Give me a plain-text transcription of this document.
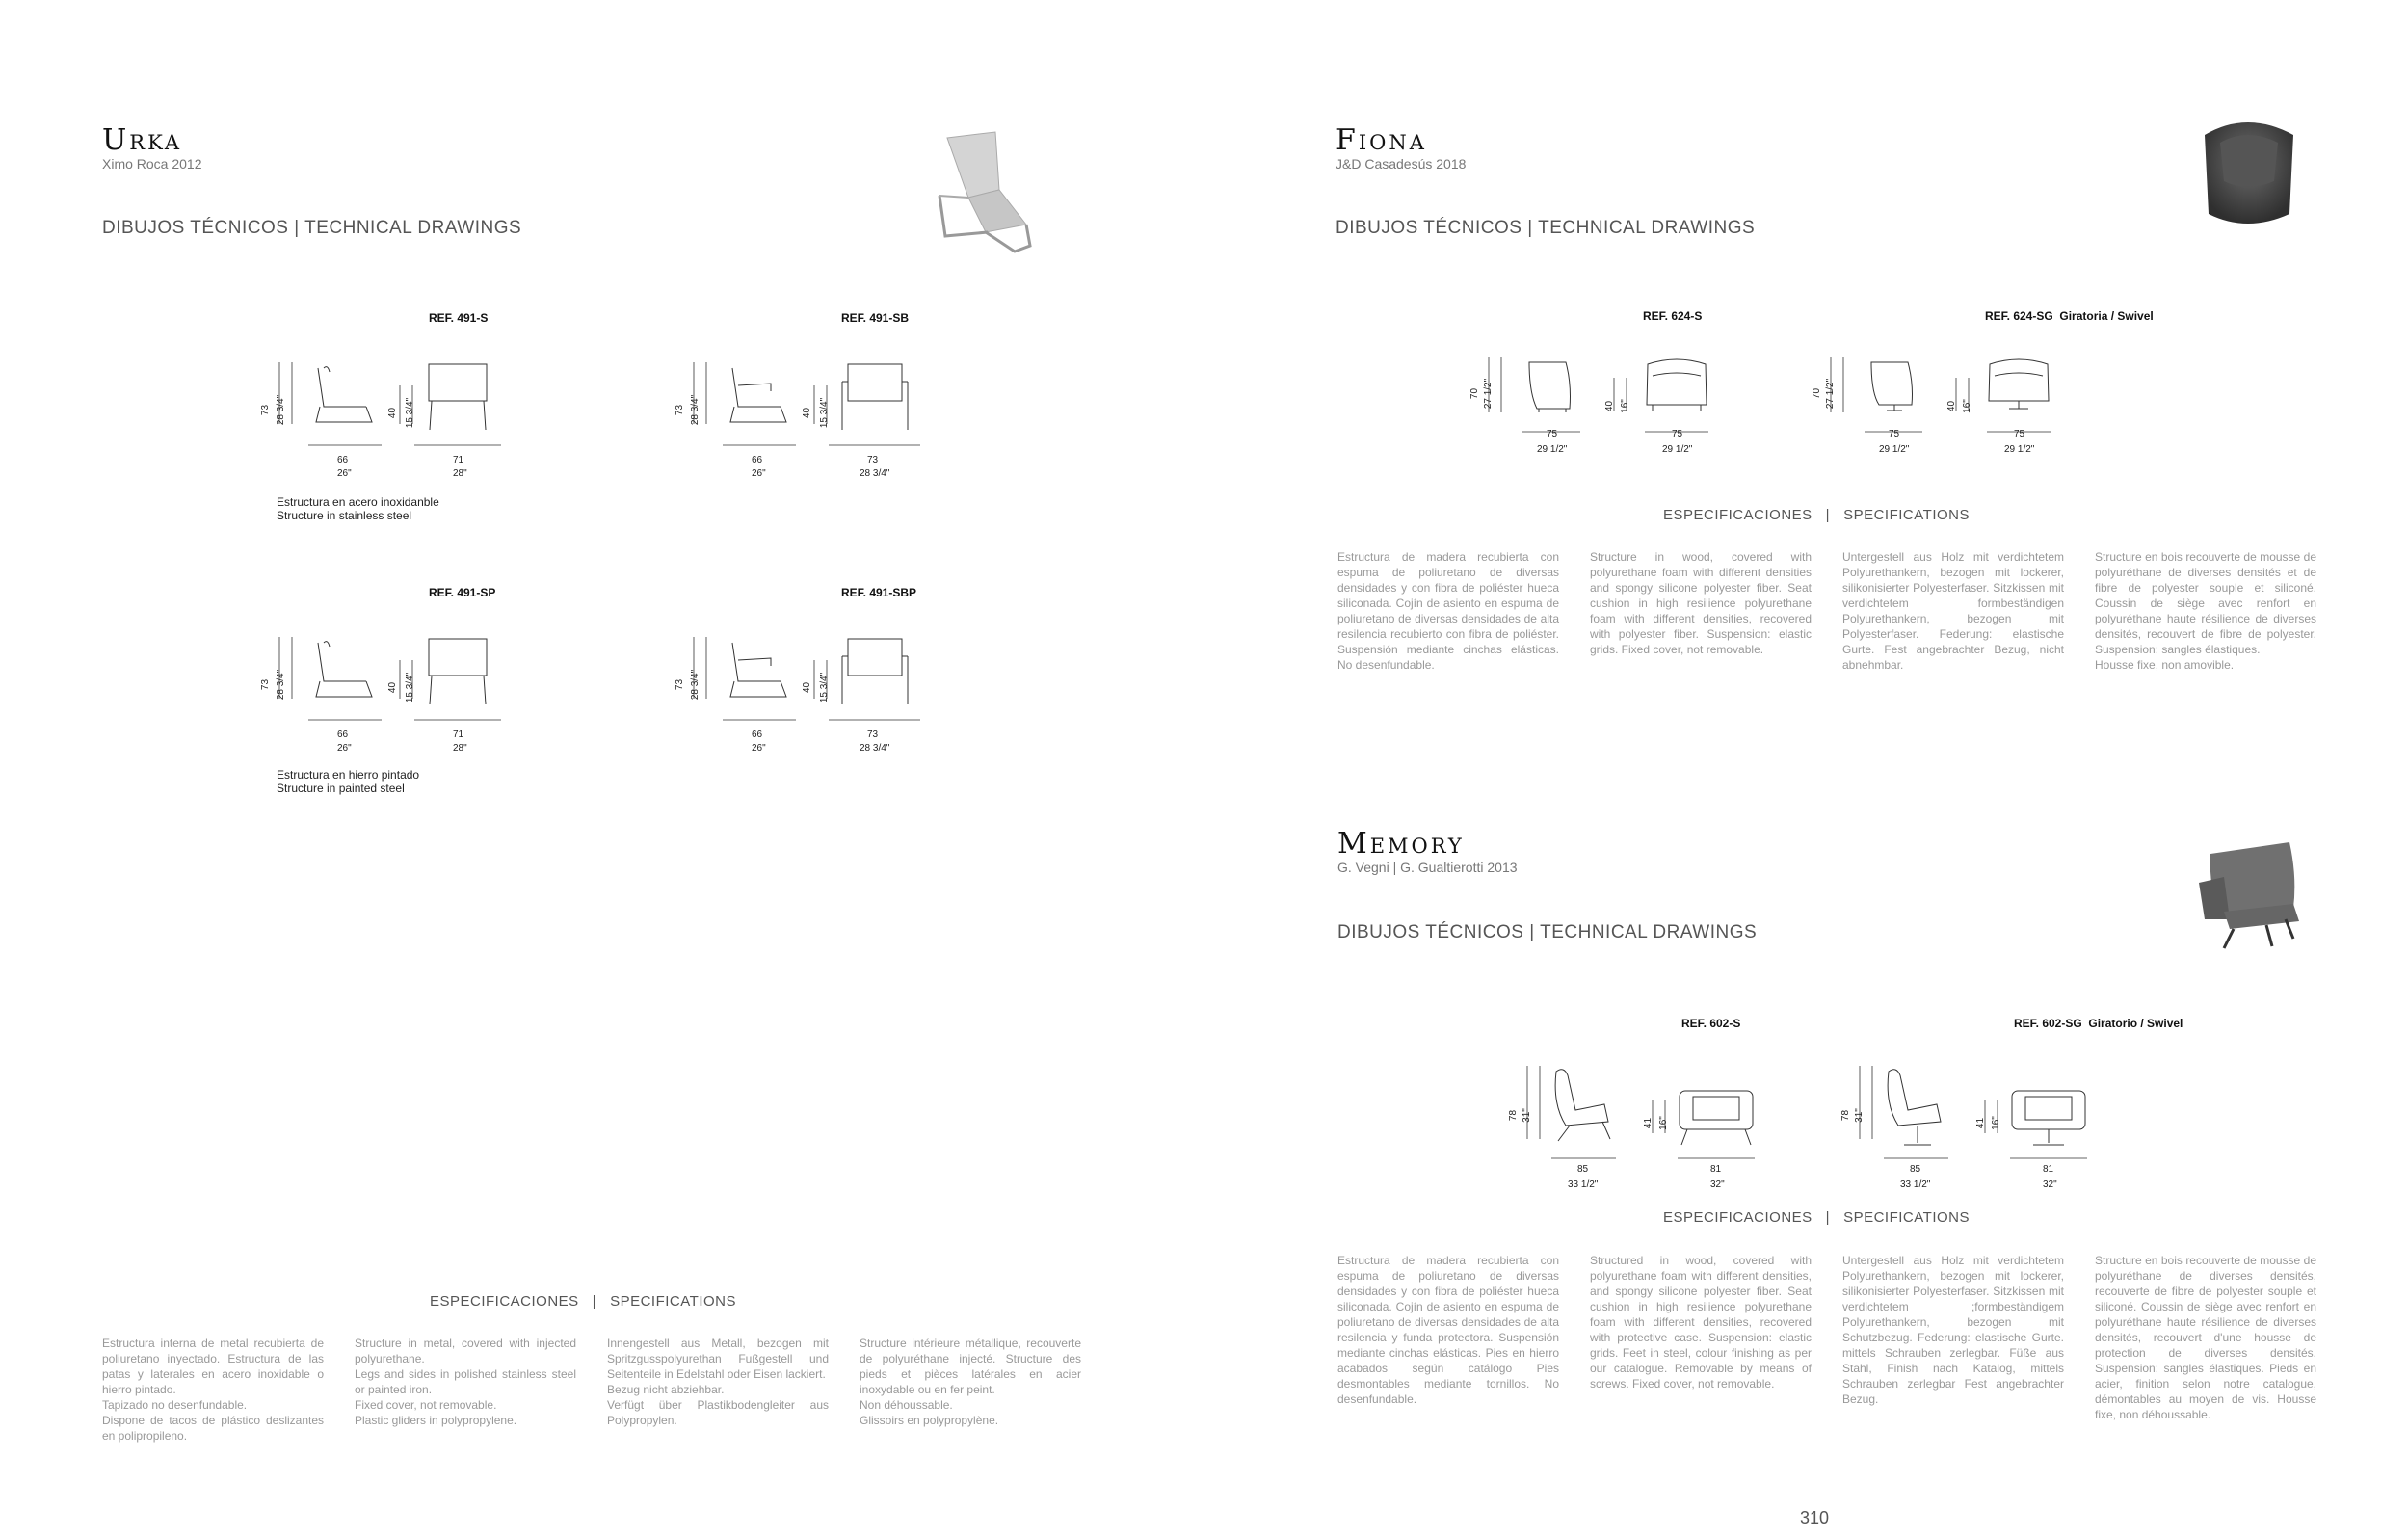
Urka
Ximo Roca 2012
DIBUJOS TÉCNICOS | TECHNICAL DRAWINGS
REF. 491-S
73 28 3/4"	40 15 3/4"
66
26"
71
28"
Estructura en acero inoxidanble
Structure in stainless steel
REF. 491-SB
73 28 3/4"	40 15 3/4"
66
26"
73
28 3/4"
REF. 491-SP
73 28 3/4"	40 15 3/4"
66
26"
71
28"
Estructura en hierro pintado
Structure in painted steel
REF. 491-SBP
73 28 3/4"	40 15 3/4"
66
26"
73
28 3/4"
ESPECIFICACIONES   |   SPECIFICATIONS
Estructura interna de metal recubierta de poliuretano inyectado. Estructura de las patas y laterales en acero inoxidable o hierro pintado.
Tapizado no desenfundable.
Dispone de tacos de plástico deslizantes en polipropileno.
Structure in metal, covered with injected polyurethane.
Legs and sides in polished stainless steel or painted iron.
Fixed cover, not removable.
Plastic gliders in polypropylene.
Innengestell aus Metall, bezogen mit Spritzgusspolyurethan Fußgestell und Seitenteile in Edelstahl oder Eisen lackiert.
Bezug nicht abziehbar.
Verfügt über Plastikbodengleiter aus Polypropylen.
Structure intérieure métallique, recouverte de polyuréthane injecté. Structure des pieds et pièces latérales en acier inoxydable ou en fer peint.
Non déhoussable.
Glissoirs en polypropylène.
Fiona
J&D Casadesús 2018
DIBUJOS TÉCNICOS | TECHNICAL DRAWINGS
REF. 624-S
70 27 1/2"	40 16"
75
29 1/2"
75
29 1/2"
REF. 624-SG  Giratoria / Swivel
70 27 1/2"	40 16"
75
29 1/2"
75
29 1/2"
ESPECIFICACIONES   |   SPECIFICATIONS
Estructura de madera recubierta con espuma de poliuretano de diversas densidades y con fibra de poliéster hueca siliconada. Cojín de asiento en espuma de poliuretano de diversas densidades de alta resilencia recubierto con fibra de poliéster. Suspensión mediante cinchas elásticas. No desenfundable.
Structure in wood, covered with polyurethane foam with different densities and spongy silicone polyester fiber. Seat cushion in high resilience polyurethane foam with different densities, recovered with polyester fiber. Suspension: elastic grids. Fixed cover, not removable.
Untergestell aus Holz mit verdichtetem Polyurethankern, bezogen mit lockerer, silikonisierter Polyesterfaser. Sitzkissen mit verdichtetem formbeständigen Polyurethankern, bezogen mit Polyesterfaser. Federung: elastische Gurte. Fest angebrachter Bezug, nicht abnehmbar.
Structure en bois recouverte de mousse de polyuréthane de diverses densités et de fibre de polyester souple et siliconé. Coussin de siège avec renfort en polyuréthane haute résilience de diverses densités, recouvert de fibre de polyester. Suspension: sangles élastiques.
Housse fixe, non amovible.
Memory
G. Vegni | G. Gualtierotti 2013
DIBUJOS TÉCNICOS | TECHNICAL DRAWINGS
REF. 602-S
78 31"
41 16"
85
33 1/2"
81
32"
REF. 602-SG  Giratorio / Swivel
78 31"
41 16"
85
33 1/2"
81
32"
ESPECIFICACIONES   |   SPECIFICATIONS
Estructura de madera recubierta con espuma de poliuretano de diversas densidades y con fibra de poliéster hueca siliconada. Cojín de asiento en espuma de poliuretano de diversas densidades de alta resilencia y funda protectora. Suspensión mediante cinchas elásticas. Pies en hierro acabados según catálogo Pies desmontables mediante tornillos. No desenfundable.
Structured in wood, covered with polyurethane foam with different densities, and spongy silicone polyester fiber. Seat cushion in high resilience polyurethane foam with different densities, recovered with protective case. Suspension: elastic grids. Feet in steel, colour finishing as per our catalogue. Removable by means of screws. Fixed cover, not removable.
Untergestell aus Holz mit verdichtetem Polyurethankern, bezogen mit lockerer, silikonisierter Polyesterfaser. Sitzkissen mit verdichtetem ;formbeständigem Polyurethankern, bezogen mit Schutzbezug. Federung: elastische Gurte. mittels Schrauben zerlegbar. Füße aus Stahl, Finish nach Katalog, mittels Schrauben zerlegbar Fest angebrachter Bezug.
Structure en bois recouverte de mousse de polyuréthane de diverses densités, recouverte de fibre de polyester souple et siliconé. Coussin de siège avec renfort en polyuréthane haute résilience de diverses densités, recouvert d'une housse de protection de diverses densités. Suspension: sangles élastiques. Pieds en acier, finition selon notre catalogue, démontables au moyen de vis. Housse fixe, non déhoussable.
310
